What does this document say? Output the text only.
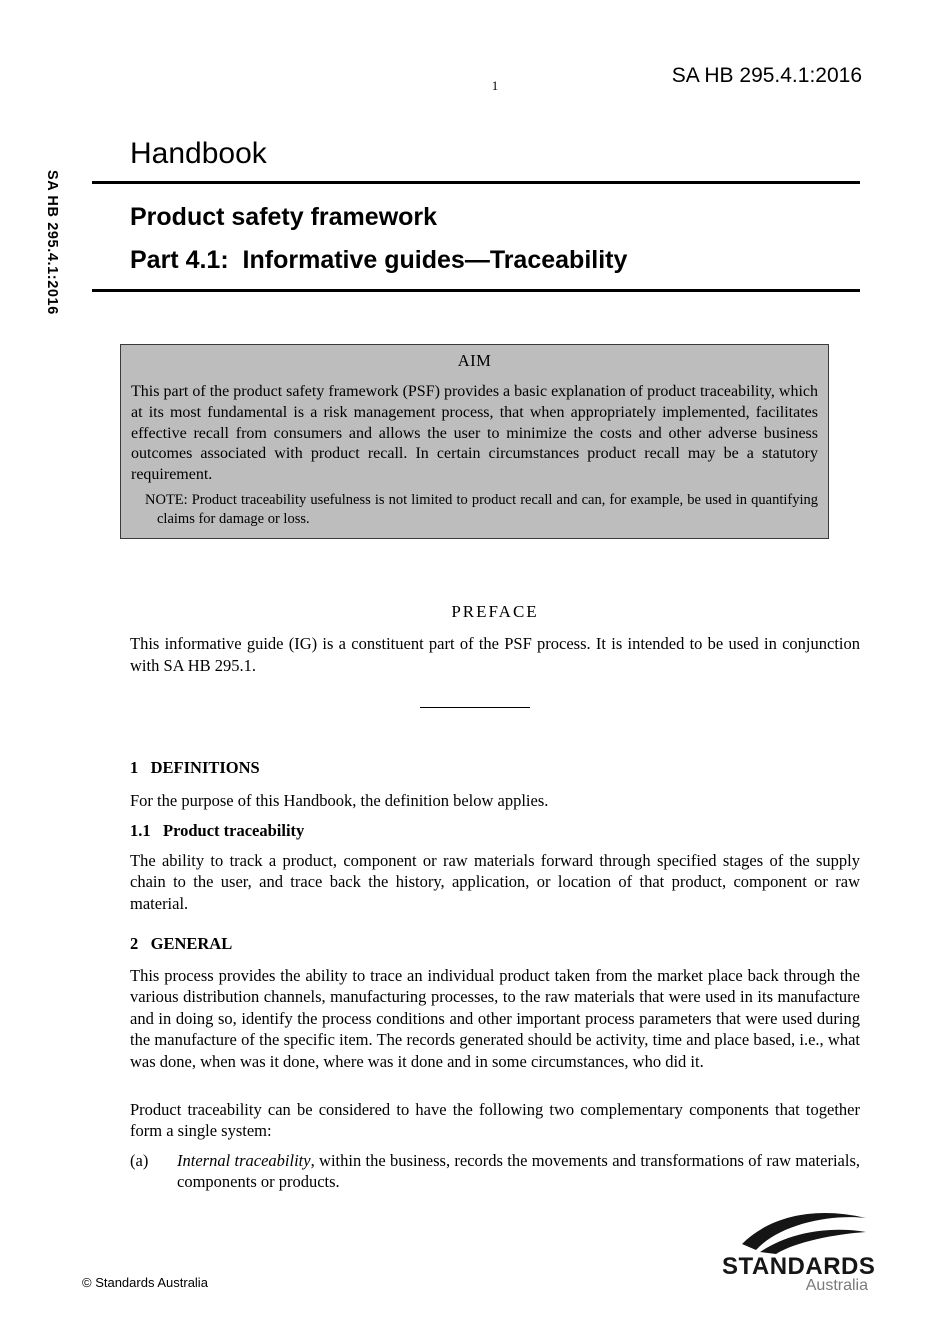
1	SA HB 295.4.1:2016
SA HB 295.4.1:2016
Handbook
Product safety framework
Part 4.1:  Informative guides—Traceability
AIM

This part of the product safety framework (PSF) provides a basic explanation of product traceability, which at its most fundamental is a risk management process, that when appropriately implemented, facilitates effective recall from consumers and allows the user to minimize the costs and other adverse business outcomes associated with product recall. In certain circumstances product recall may be a statutory requirement.

NOTE: Product traceability usefulness is not limited to product recall and can, for example, be used in quantifying claims for damage or loss.

PREFACE

This informative guide (IG) is a constituent part of the PSF process. It is intended to be used in conjunction with SA HB 295.1.

1   DEFINITIONS

For the purpose of this Handbook, the definition below applies.

1.1   Product traceability

The ability to track a product, component or raw materials forward through specified stages of the supply chain to the user, and trace back the history, application, or location of that product, component or raw material.

2   GENERAL

This process provides the ability to trace an individual product taken from the market place back through the various distribution channels, manufacturing processes, to the raw materials that were used in its manufacture and in doing so, identify the process conditions and other important process parameters that were used during the manufacture of the specific item. The records generated should be activity, time and place based, i.e., what was done, when was it done, where was it done and in some circumstances, who did it.

Product traceability can be considered to have the following two complementary components that together form a single system:

(a)	Internal traceability, within the business, records the movements and transformations of raw materials, components or products.
© Standards Australia
STANDARDS
Australia
